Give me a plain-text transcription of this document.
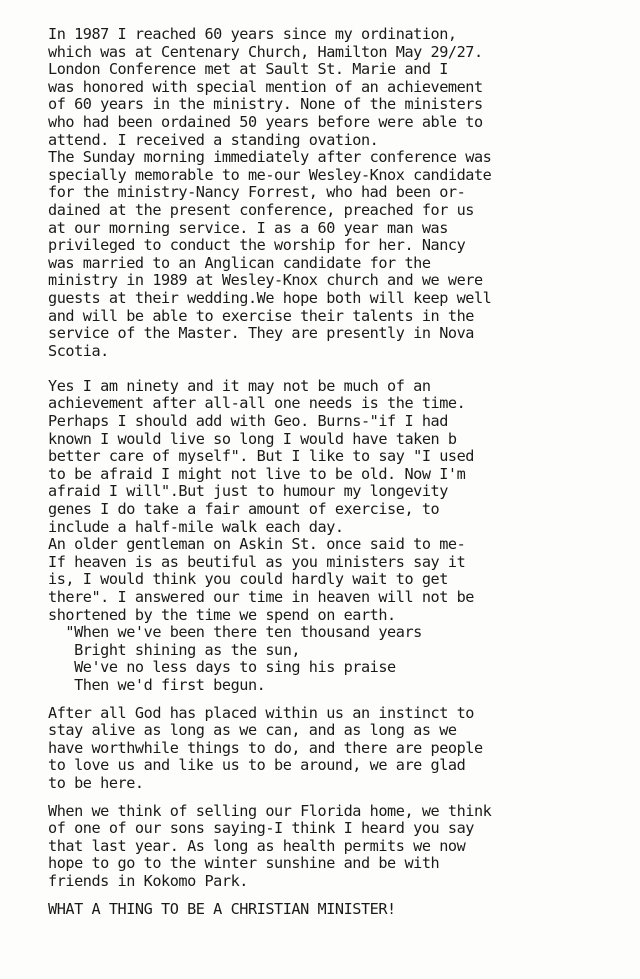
In 1987 I reached 60 years since my ordination,
which was at Centenary Church, Hamilton May 29/27.
London Conference met at Sault St. Marie and I
was honored with special mention of an achievement
of 60 years in the ministry. None of the ministers
who had been ordained 50 years before were able to
attend. I received a standing ovation.
The Sunday morning immediately after conference was
specially memorable to me-our Wesley-Knox candidate
for the ministry-Nancy Forrest, who had been or-
dained at the present conference, preached for us
at our morning service. I as a 60 year man was
privileged to conduct the worship for her. Nancy
was married to an Anglican candidate for the
ministry in 1989 at Wesley-Knox church and we were
guests at their wedding.We hope both will keep well
and will be able to exercise their talents in the
service of the Master. They are presently in Nova
Scotia.
Yes I am ninety and it may not be much of an
achievement after all-all one needs is the time.
Perhaps I should add with Geo. Burns-"if I had
known I would live so long I would have taken b
better care of myself". But I like to say "I used
to be afraid I might not live to be old. Now I'm
afraid I will".But just to humour my longevity
genes I do take a fair amount of exercise, to
include a half-mile walk each day.
An older gentleman on Askin St. once said to me-
If heaven is as beutiful as you ministers say it
is, I would think you could hardly wait to get
there". I answered our time in heaven will not be
shortened by the time we spend on earth.
"When we've been there ten thousand years
Bright shining as the sun,
We've no less days to sing his praise
Then we'd first begun.
After all God has placed within us an instinct to
stay alive as long as we can, and as long as we
have worthwhile things to do, and there are people
to love us and like us to be around, we are glad
to be here.
When we think of selling our Florida home, we think
of one of our sons saying-I think I heard you say
that last year. As long as health permits we now
hope to go to the winter sunshine and be with
friends in Kokomo Park.
WHAT A THING TO BE A CHRISTIAN MINISTER!
